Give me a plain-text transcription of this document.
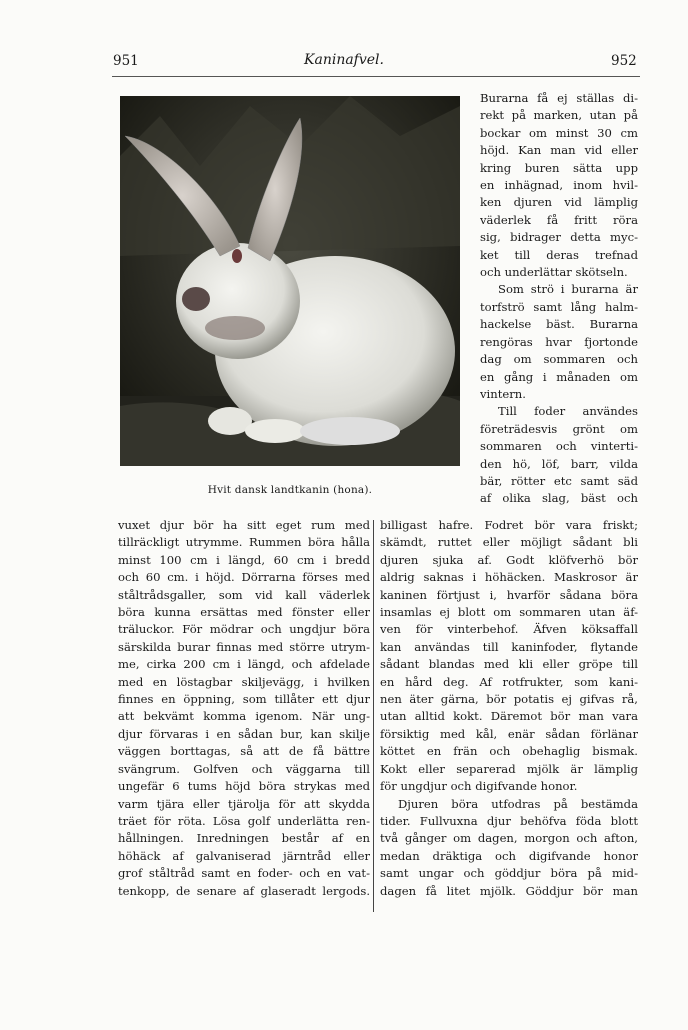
951	Kaninafvel.	952
Hvit dansk landtkanin (hona).
Burarna få ej ställas di-
rekt på marken, utan på
bockar om minst 30 cm
höjd. Kan man vid eller
kring buren sätta upp
en inhägnad, inom hvil-
ken djuren vid lämplig
väderlek få fritt röra
sig, bidrager detta myc-
ket till deras trefnad
och underlättar skötseln.
Som strö i burarna är
torfströ samt lång halm-
hackelse bäst. Burarna
rengöras hvar fjortonde
dag om sommaren och
en gång i månaden om
vintern.
Till foder användes
företrädesvis grönt om
sommaren och vinterti-
den hö, löf, barr, vilda
bär, rötter etc samt säd
af olika slag, bäst och
vuxet djur bör ha sitt eget rum med
tillräckligt utrymme. Rummen böra hålla
minst 100 cm i längd, 60 cm i bredd
och 60 cm. i höjd. Dörrarna förses med
ståltrådsgaller, som vid kall väderlek
böra kunna ersättas med fönster eller
träluckor. För mödrar och ungdjur böra
särskilda burar finnas med större utrym-
me, cirka 200 cm i längd, och afdelade
med en löstagbar skiljevägg, i hvilken
finnes en öppning, som tillåter ett djur
att bekvämt komma igenom. När ung-
djur förvaras i en sådan bur, kan skilje
väggen borttagas, så att de få bättre
svängrum. Golfven och väggarna till
ungefär 6 tums höjd böra strykas med
varm tjära eller tjärolja för att skydda
träet för röta. Lösa golf underlätta ren-
hållningen. Inredningen består af en
höhäck af galvaniserad järntråd eller
grof ståltråd samt en foder- och en vat-
tenkopp, de senare af glaseradt lergods.
billigast hafre. Fodret bör vara friskt;
skämdt, ruttet eller möjligt sådant bli
djuren sjuka af. Godt klöfverhö bör
aldrig saknas i höhäcken. Maskrosor är
kaninen förtjust i, hvarför sådana böra
insamlas ej blott om sommaren utan äf-
ven för vinterbehof. Äfven köksaffall
kan användas till kaninfoder, flytande
sådant blandas med kli eller gröpe till
en hård deg. Af rotfrukter, som kani-
nen äter gärna, bör potatis ej gifvas rå,
utan alltid kokt. Däremot bör man vara
försiktig med kål, enär sådan förlänar
köttet en frän och obehaglig bismak.
Kokt eller separerad mjölk är lämplig
för ungdjur och digifvande honor.
Djuren böra utfodras på bestämda
tider. Fullvuxna djur behöfva föda blott
två gånger om dagen, morgon och afton,
medan dräktiga och digifvande honor
samt ungar och göddjur böra på mid-
dagen få litet mjölk. Göddjur bör man
